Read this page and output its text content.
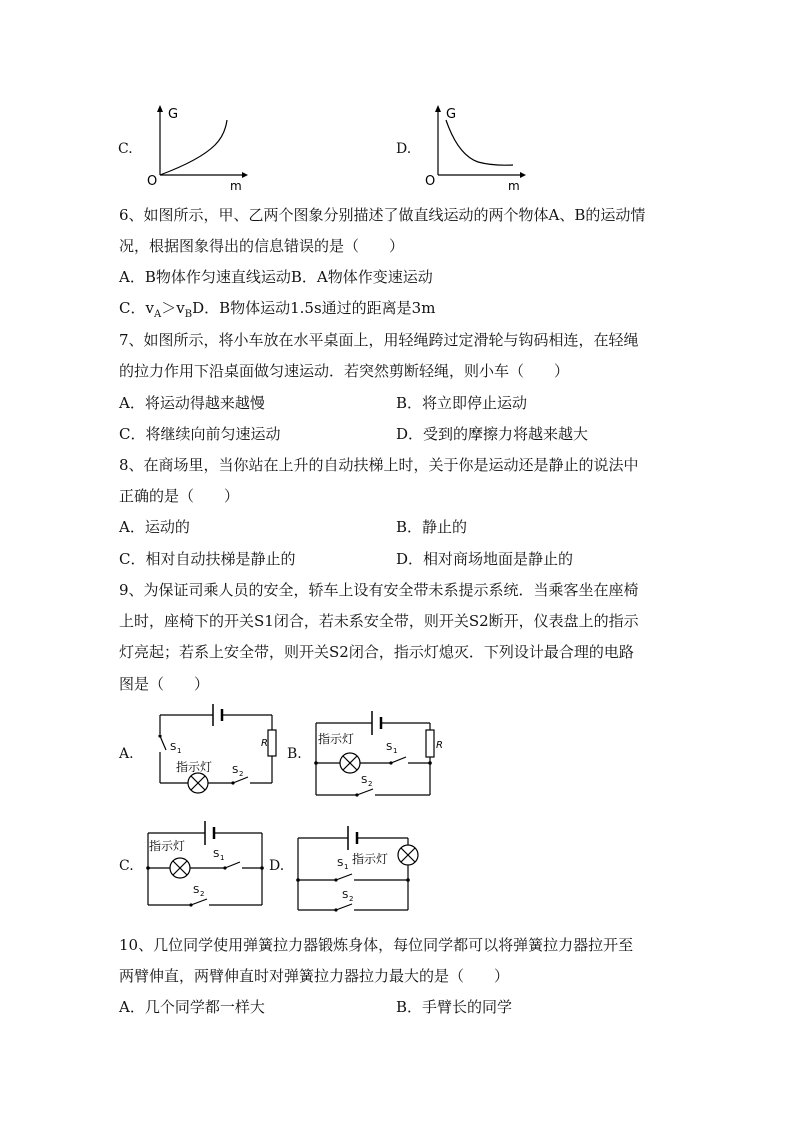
C.
G
O	m
D.
G
O	m
6、如图所示，甲、乙两个图象分别描述了做直线运动的两个物体A、B的运动情
况，根据图象得出的信息错误的是（　　）
A．B物体作匀速直线运动B．A物体作变速运动
C．$v_A>v_BD$．B物体运动1.5s通过的距离是3m
7、如图所示，将小车放在水平桌面上，用轻绳跨过定滑轮与钩码相连，在轻绳
的拉力作用下沿桌面做匀速运动．若突然剪断轻绳，则小车（　　）
A．将运动得越来越慢	B．将立即停止运动
C．将继续向前匀速运动	D．受到的摩擦力将越来越大
8、在商场里，当你站在上升的自动扶梯上时，关于你是运动还是静止的说法中
正确的是（　　）
A．运动的	B．静止的
C．相对自动扶梯是静止的	D．相对商场地面是静止的
9、为保证司乘人员的安全，轿车上设有安全带未系提示系统．当乘客坐在座椅
上时，座椅下的开关S1闭合，若未系安全带，则开关S2断开，仪表盘上的指示
灯亮起；若系上安全带，则开关S2闭合，指示灯熄灭．下列设计最合理的电路
图是（　　）
A.	S 1
指示灯 S 2
R
B.
指示灯
S 1
S 2
R
C.
指示灯
S 1
S 2
D.	S 1
指示灯
S 2
10、几位同学使用弹簧拉力器锻炼身体，每位同学都可以将弹簧拉力器拉开至
两臂伸直，两臂伸直时对弹簧拉力器拉力最大的是（　　）
A．几个同学都一样大	B．手臂长的同学
